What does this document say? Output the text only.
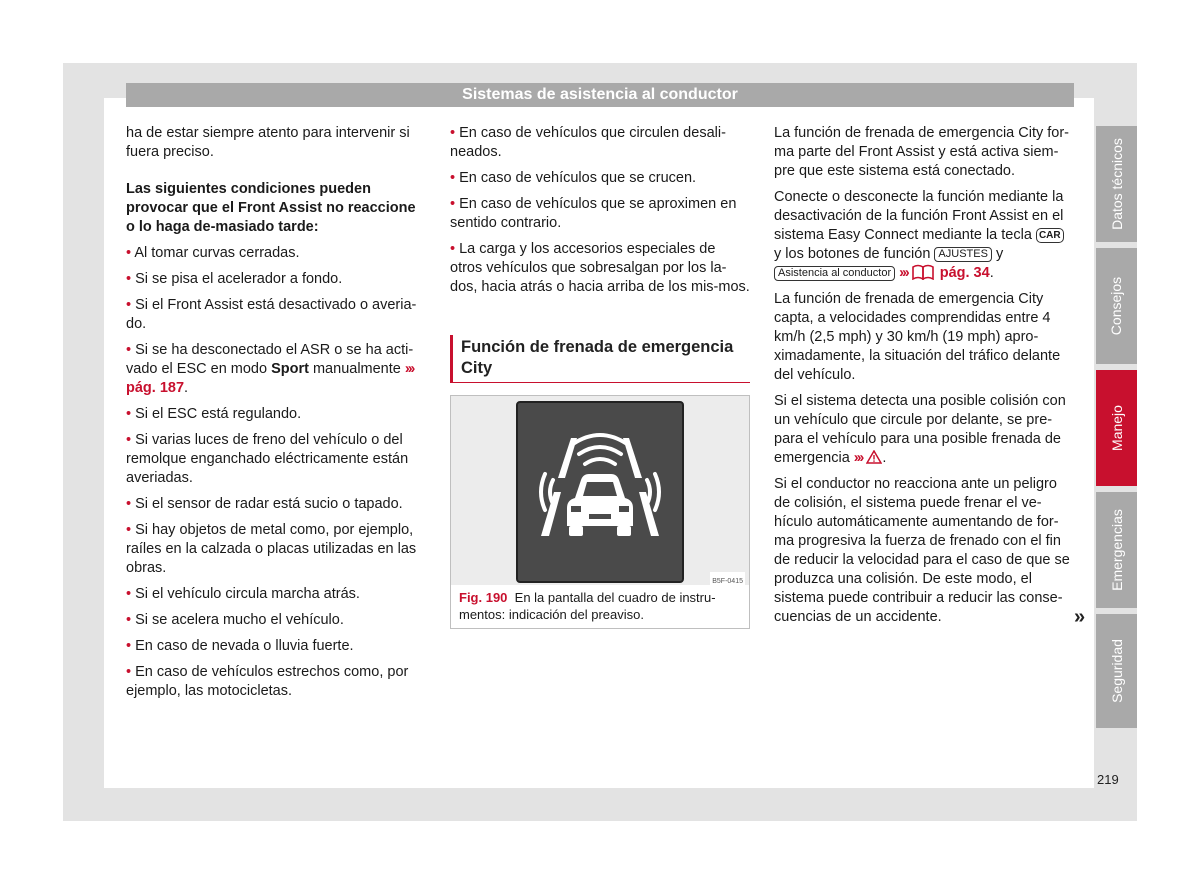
Sistemas de asistencia al conductor

ha de estar siempre atento para intervenir si fuera preciso.

Las siguientes condiciones pueden provocar que el Front Assist no reaccione o lo haga de-masiado tarde:

• Al tomar curvas cerradas.

• Si se pisa el acelerador a fondo.

• Si el Front Assist está desactivado o averia-do.

• Si se ha desconectado el ASR o se ha acti-vado el ESC en modo Sport manualmente ››› pág. 187.

• Si el ESC está regulando.

• Si varias luces de freno del vehículo o del remolque enganchado eléctricamente están averiadas.

• Si el sensor de radar está sucio o tapado.

• Si hay objetos de metal como, por ejemplo, raíles en la calzada o placas utilizadas en las obras.

• Si el vehículo circula marcha atrás.

• Si se acelera mucho el vehículo.

• En caso de nevada o lluvia fuerte.

• En caso de vehículos estrechos como, por ejemplo, las motocicletas.

• En caso de vehículos que circulen desali-neados.

• En caso de vehículos que se crucen.

• En caso de vehículos que se aproximen en sentido contrario.

• La carga y los accesorios especiales de otros vehículos que sobresalgan por los la-dos, hacia atrás o hacia arriba de los mis-mos.

Función de frenada de emergencia City
B5F-0415
Fig. 190 En la pantalla del cuadro de instru-mentos: indicación del preaviso.

La función de frenada de emergencia City for-ma parte del Front Assist y está activa siem-pre que este sistema está conectado.

Conecte o desconecte la función mediante la desactivación de la función Front Assist en el sistema Easy Connect mediante la tecla CAR y los botones de función AJUSTES y Asistencia al conductor ››› pág. 34.

La función de frenada de emergencia City capta, a velocidades comprendidas entre 4 km/h (2,5 mph) y 30 km/h (19 mph) apro-ximadamente, la situación del tráfico delante del vehículo.

Si el sistema detecta una posible colisión con un vehículo que circule por delante, se pre-para el vehículo para una posible frenada de emergencia ››› .

Si el conductor no reacciona ante un peligro de colisión, el sistema puede frenar el ve-hículo automáticamente aumentando de for-ma progresiva la fuerza de frenado con el fin de reducir la velocidad para el caso de que se produzca una colisión. De este modo, el sistema puede contribuir a reducir las conse-cuencias de un accidente.	»
Datos técnicos
Consejos
Manejo
Emergencias
Seguridad
219
